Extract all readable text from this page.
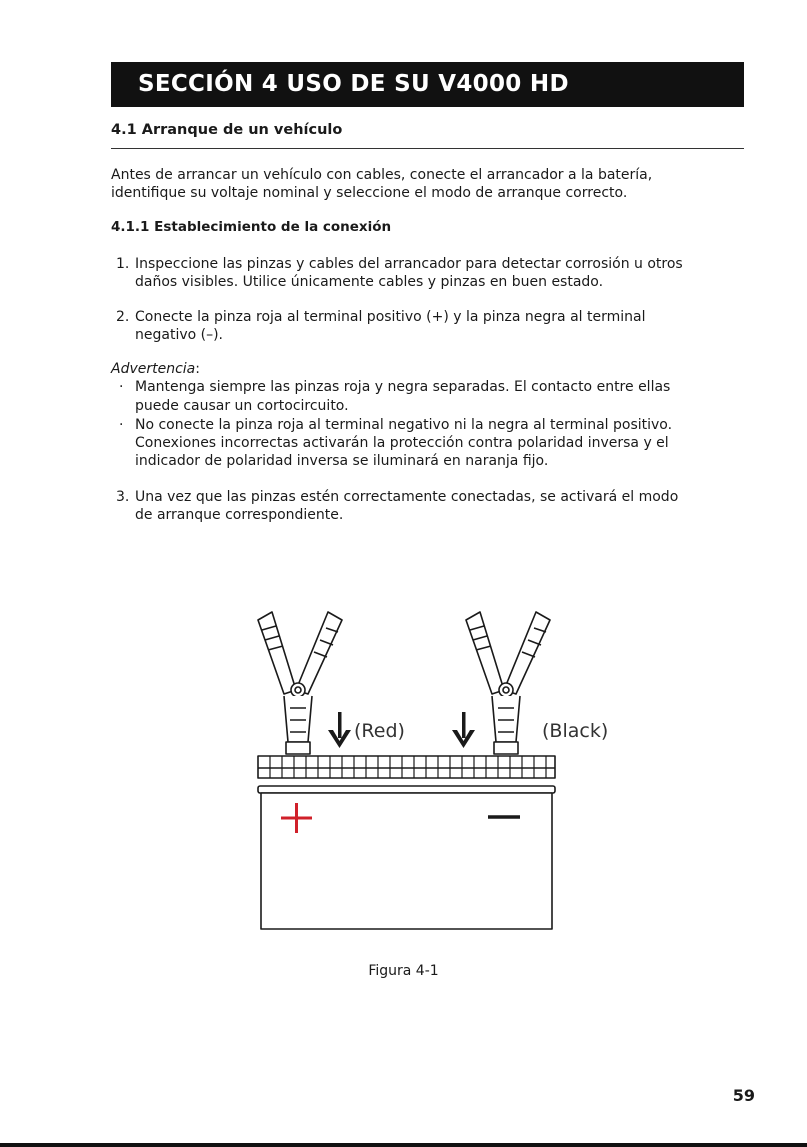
SECCIÓN 4 USO DE SU V4000 HD
4.1 Arranque de un vehículo
Antes de arrancar un vehículo con cables, conecte el arrancador a la batería,
identifique su voltaje nominal y seleccione el modo de arranque correcto.
4.1.1 Establecimiento de la conexión
1. Inspeccione las pinzas y cables del arrancador para detectar corrosión u otros
daños visibles. Utilice únicamente cables y pinzas en buen estado.
2. Conecte la pinza roja al terminal positivo (+) y la pinza negra al terminal
negativo (–).
Advertencia:
· Mantenga siempre las pinzas roja y negra separadas. El contacto entre ellas
puede causar un cortocircuito.
· No conecte la pinza roja al terminal negativo ni la negra al terminal positivo.
Conexiones incorrectas activarán la protección contra polaridad inversa y el
indicador de polaridad inversa se iluminará en naranja fijo.
3. Una vez que las pinzas estén correctamente conectadas, se activará el modo
de arranque correspondiente.
(Red)	(Black)
Figura 4-1
59
